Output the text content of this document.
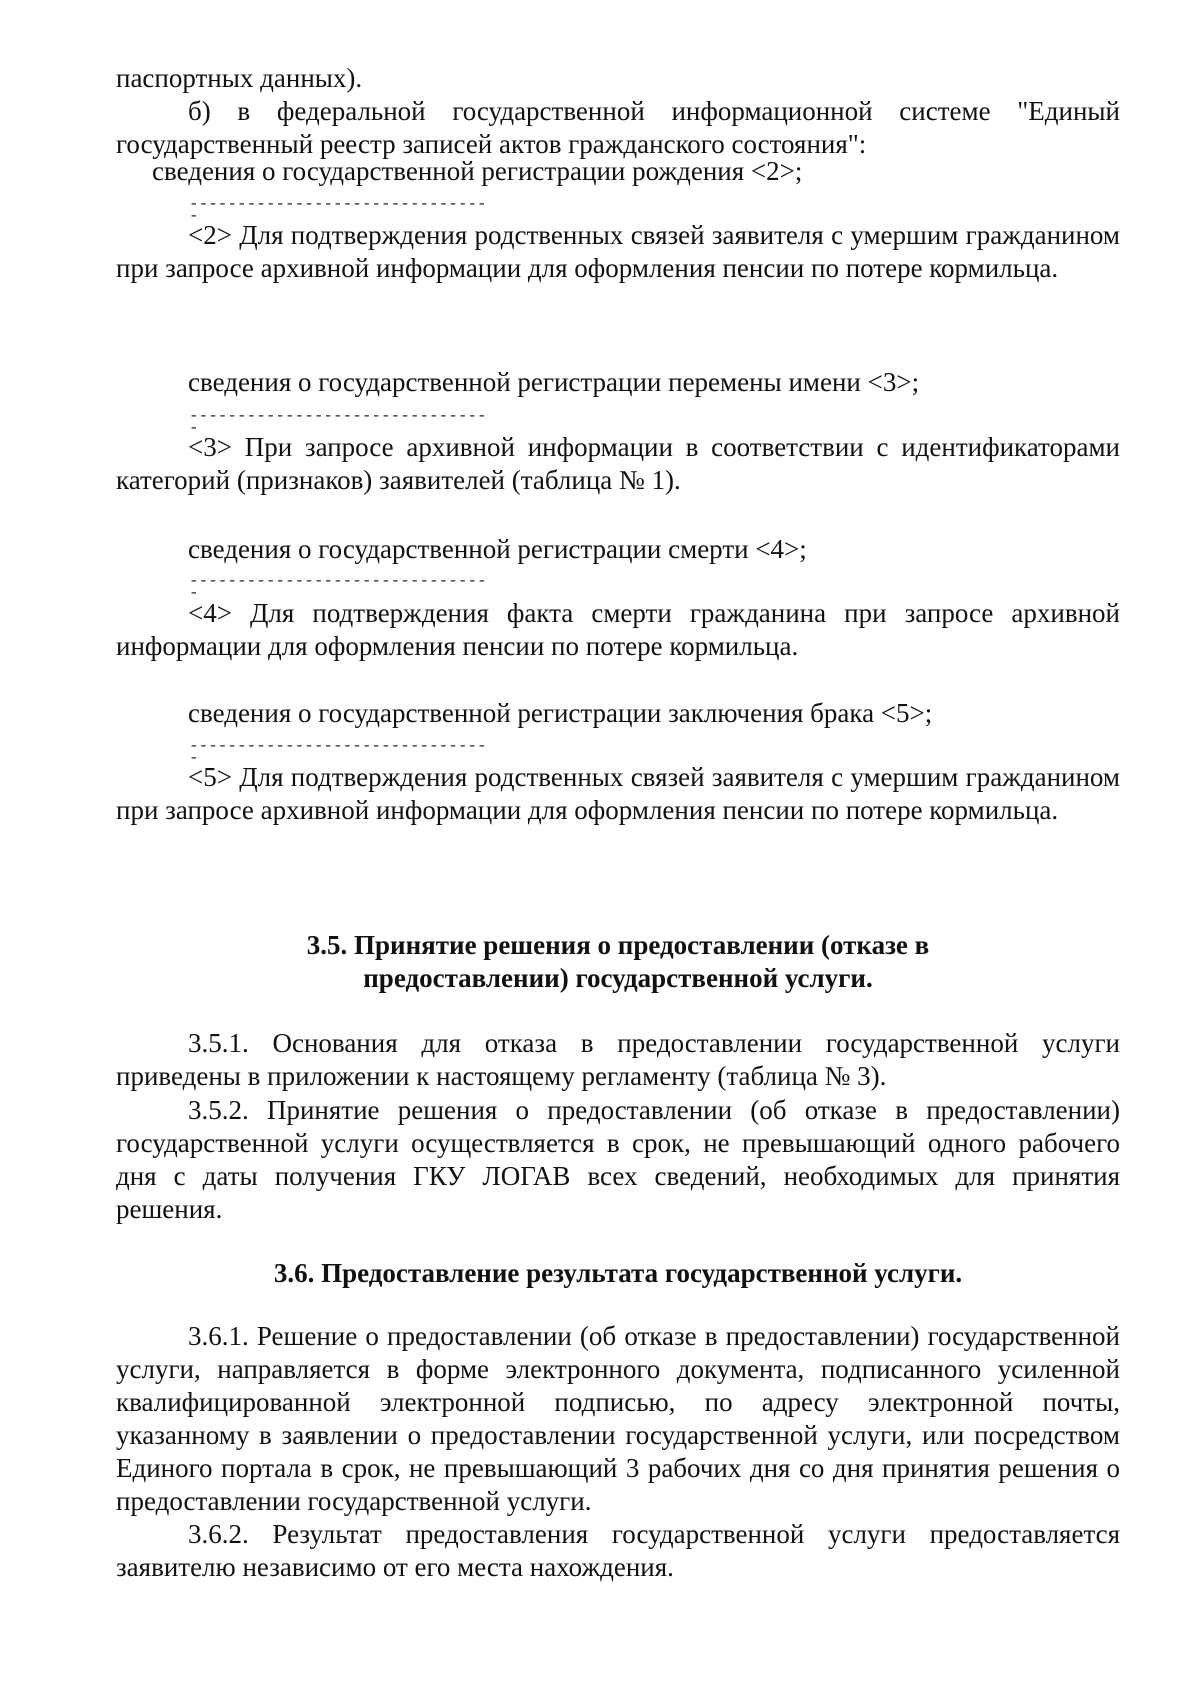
паспортных данных).

б) в федеральной государственной информационной системе "Единый государственный реестр записей актов гражданского состояния":

сведения о государственной регистрации рождения <2>;
--------------------------------

<2> Для подтверждения родственных связей заявителя с умершим гражданином при запросе архивной информации для оформления пенсии по потере кормильца.

сведения о государственной регистрации перемены имени <3>;
--------------------------------

<3> При запросе архивной информации в соответствии с идентификаторами категорий (признаков) заявителей (таблица № 1).

сведения о государственной регистрации смерти <4>;
--------------------------------

<4> Для подтверждения факта смерти гражданина при запросе архивной информации для оформления пенсии по потере кормильца.

сведения о государственной регистрации заключения брака <5>;
--------------------------------

<5> Для подтверждения родственных связей заявителя с умершим гражданином при запросе архивной информации для оформления пенсии по потере кормильца.

3.5. Принятие решения о предоставлении (отказе в предоставлении) государственной услуги.

3.5.1. Основания для отказа в предоставлении государственной услуги приведены в приложении к настоящему регламенту (таблица № 3).

3.5.2. Принятие решения о предоставлении (об отказе в предоставлении) государственной услуги осуществляется в срок, не превышающий одного рабочего дня с даты получения ГКУ ЛОГАВ всех сведений, необходимых для принятия решения.

3.6. Предоставление результата государственной услуги.

3.6.1. Решение о предоставлении (об отказе в предоставлении) государственной услуги, направляется в форме электронного документа, подписанного усиленной квалифицированной электронной подписью, по адресу электронной почты, указанному в заявлении о предоставлении государственной услуги, или посредством Единого портала в срок, не превышающий 3 рабочих дня со дня принятия решения о предоставлении государственной услуги.

3.6.2. Результат предоставления государственной услуги предоставляется заявителю независимо от его места нахождения.
